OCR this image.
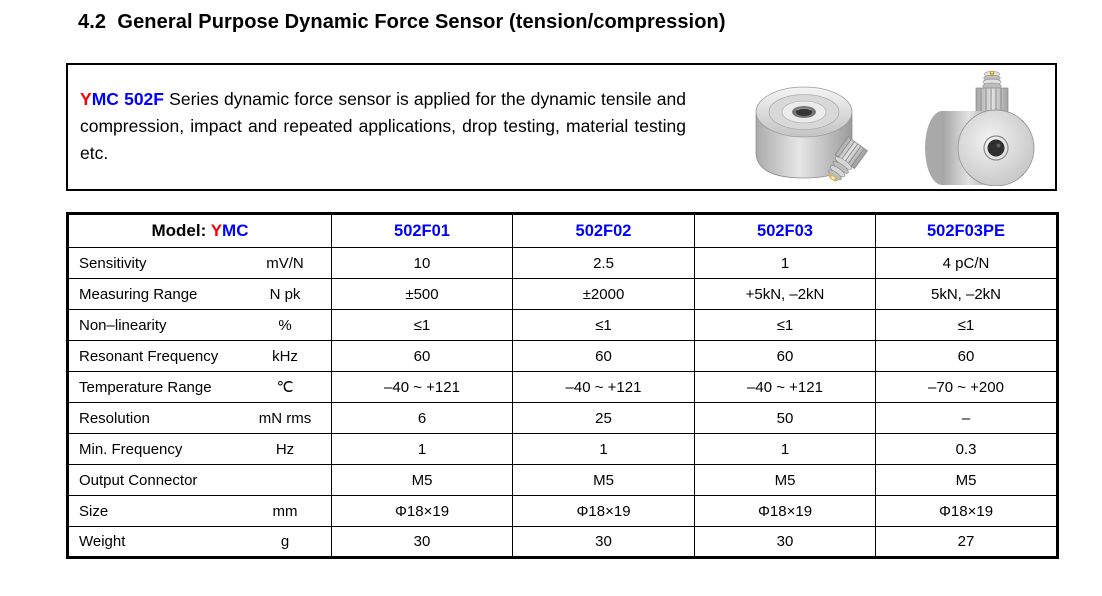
4.2  General Purpose Dynamic Force Sensor (tension/compression)

YMC 502F Series dynamic force sensor is applied for the dynamic tensile and compression, impact and repeated applications, drop testing, material testing etc.

Model: YMC	502F01	502F02	502F03	502F03PE
Sensitivity mV/N	10	2.5	1	4 pC/N
Measuring Range N pk	±500	±2000	+5kN, –2kN	5kN, –2kN
Non–linearity %	≤1	≤1	≤1	≤1
Resonant Frequency kHz	60	60	60	60
Temperature Range ℃	–40 ~ +121	–40 ~ +121	–40 ~ +121	–70 ~ +200
Resolution mN rms	6	25	50	–
Min. Frequency Hz	1	1	1	0.3
Output Connector	M5	M5	M5	M5
Size mm	Φ18×19	Φ18×19	Φ18×19	Φ18×19
Weight g	30	30	30	27
